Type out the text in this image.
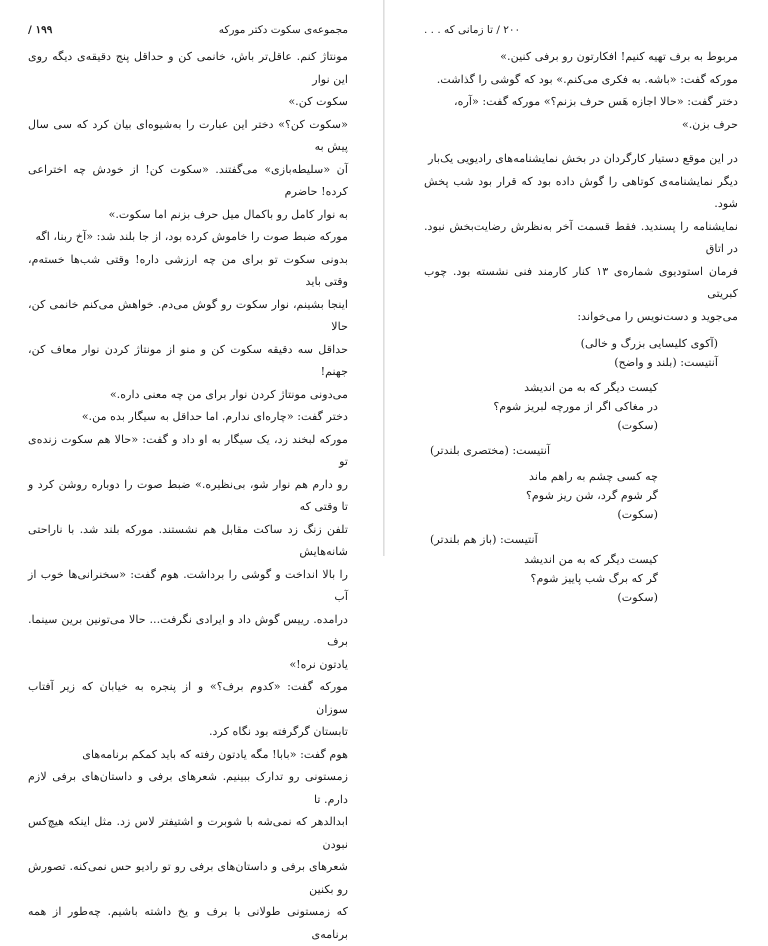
مجموعه‌ی سکوت دکتر مورکه
۱۹۹ /

مونتاژ کنم. عاقل‌تر باش، خانمی کن و حداقل پنج دقیقه‌ی دیگه روی این نوار

سکوت کن.»

«سکوت کن؟» دختر این عبارت را به‌شیوه‌ای بیان کرد که سی سال پیش به

آن «سلیطه‌بازی» می‌گفتند. «سکوت کن! از خودش چه اختراعی کرده! حاضرم

به نوار کامل رو باکمال میل حرف بزنم اما سکوت.»

مورکه ضبط صوت را خاموش کرده بود، از جا بلند شد: «آخ ربنا، اگه

بدونی سکوت تو برای من چه ارزشی داره! وقتی شب‌ها خسته‌م، وقتی باید

اینجا بشینم، نوار سکوت رو گوش می‌دم. خواهش می‌کنم خانمی کن، حالا

حداقل سه دقیقه سکوت کن و منو از مونتاژ کردن نوار معاف کن، جهنم!

می‌دونی مونتاژ کردن نوار برای من چه معنی داره.»

دختر گفت: «چاره‌ای ندارم. اما حداقل به سیگار بده من.»

مورکه لبخند زد، یک سیگار به او داد و گفت: «حالا هم سکوت زنده‌ی تو

رو دارم هم نوار شو، بی‌نظیره.» ضبط صوت را دوباره روشن کرد و تا وقتی که

تلفن زنگ زد ساکت مقابل هم نشستند. مورکه بلند شد. با ناراحتی شانه‌هایش

را بالا انداخت و گوشی را برداشت. هوم گفت: «سخنرانی‌ها خوب از آب

درامده. رییس گوش داد و ایرادی نگرفت... حالا می‌تونین برین سینما. برف

یادتون نره!»

مورکه گفت: «کدوم برف؟» و از پنجره به خیابان که زیر آفتاب سوزان

تابستان گرگرفته بود نگاه کرد.

هوم گفت: «بابا! مگه یادتون رفته که باید کمکم برنامه‌های

زمستونی رو تدارک ببینیم. شعرهای برفی و داستان‌های برفی لازم دارم. تا

ابدالدهر که نمی‌شه با شوبرت و اشتیفتر لاس زد. مثل اینکه هیچ‌کس نبودن

شعرهای برفی و داستان‌های برفی رو تو رادیو حس نمی‌کنه. تصورش رو بکنین

که زمستونی طولانی با برف و یخ داشته باشیم. چه‌طور از همه برنامه‌ی

۲۰۰ / تا زمانی که . . .

مربوط به برف تهیه کنیم! افکارتون رو برفی کنین.»

مورکه گفت: «باشه. به فکری می‌کنم.» بود که گوشی را گذاشت.

دختر گفت: «حالا اجازه هَس حرف بزنم؟» مورکه گفت: «آره،

حرف بزن.»

در این موقع دستیار کارگردان در بخش نمایشنامه‌های رادیویی یک‌بار

دیگر نمایشنامه‌ی کوتاهی را گوش داده بود که قرار بود شب پخش شود.

نمایشنامه را پسندید. فقط قسمت آخر به‌نظرش رضایت‌بخش نبود. در اتاق

فرمان استودیوی شماره‌ی ۱۳ کنار کارمند فنی نشسته بود. چوب کبریتی

می‌جوید و دست‌نویس را می‌خواند:

(آکوی کلیسایی بزرگ و خالی)

آنتیست: (بلند و واضح)

کیست دیگر که به من اندیشد

در مغاکی اگر از مورچه لبریز شوم؟

(سکوت)

آنتیست: (مختصری بلندتر)

چه کسی چشم به راهم ماند

گر شوم گرد، شن ریز شوم؟

(سکوت)

آنتیست: (باز هم بلندتر)

کیست دیگر که به من اندیشد

گر که برگ شب پاییز شوم؟

(سکوت)
